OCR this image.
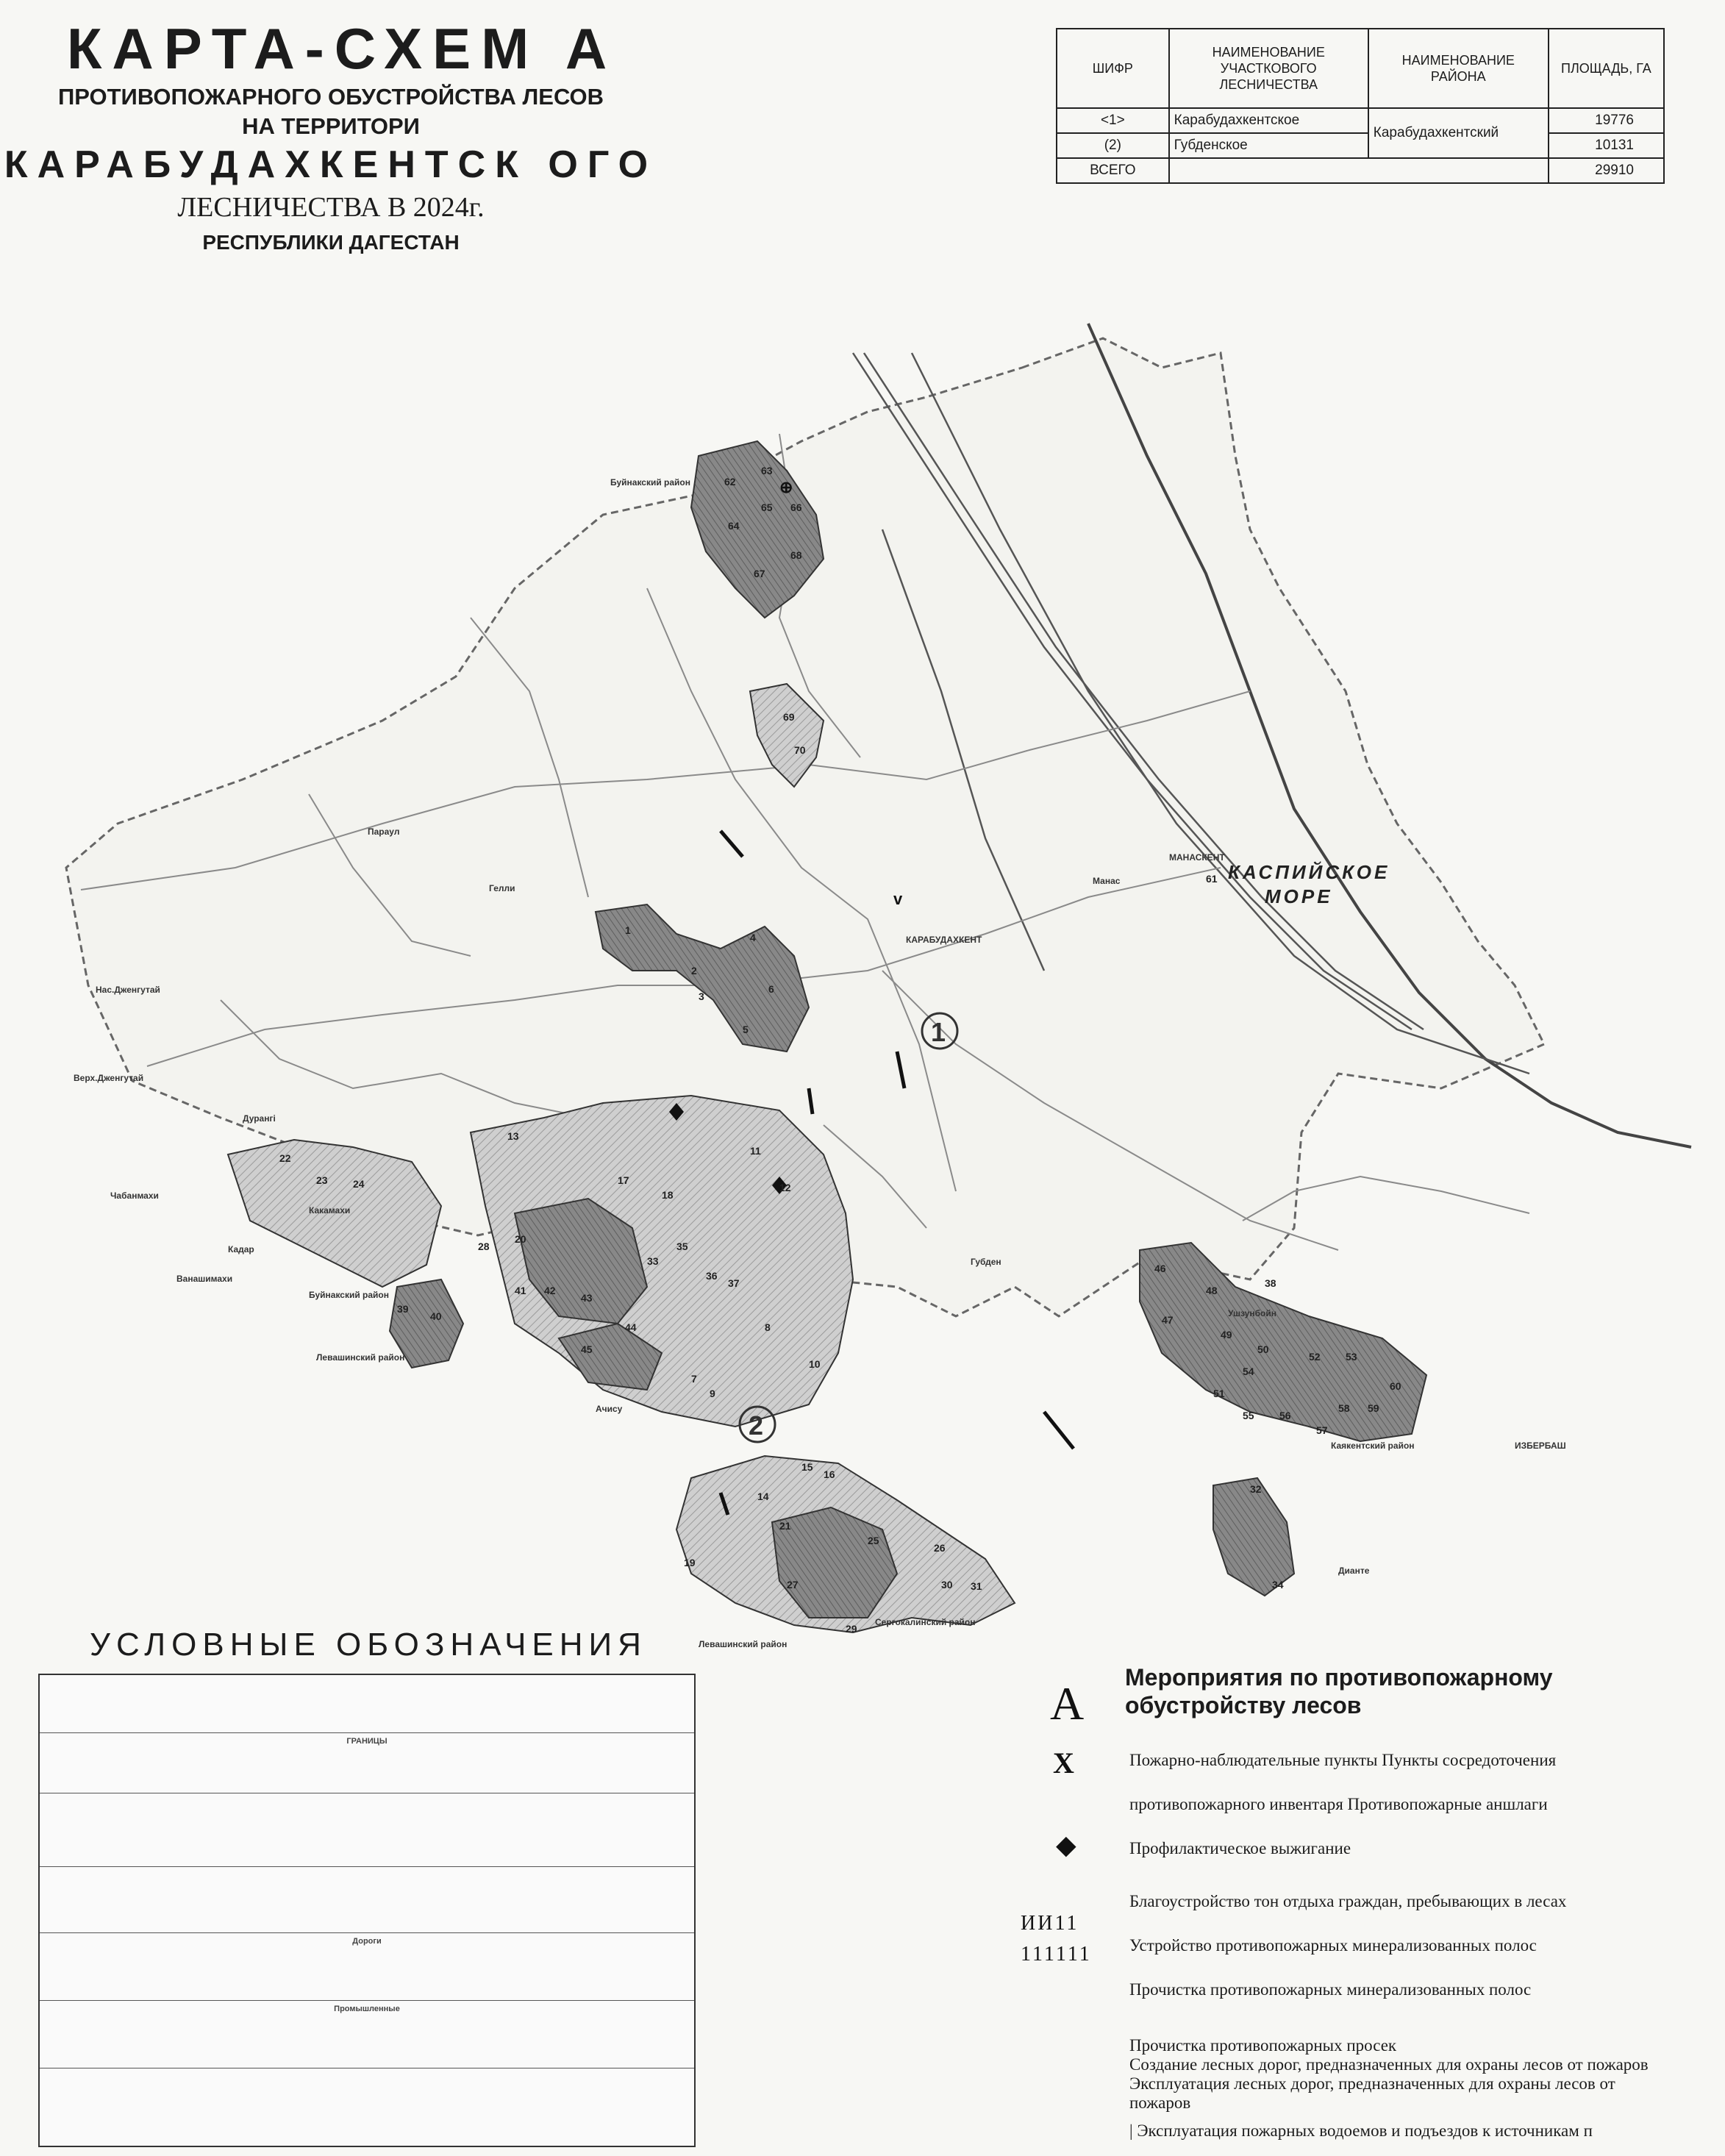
КАРТА-СХЕМ А
ПРОТИВОПОЖАРНОГО ОБУСТРОЙСТВА ЛЕСОВ
НА ТЕРРИТОРИ
КАРАБУДАХКЕНТСК ОГО
ЛЕСНИЧЕСТВА В 2024г.
РЕСПУБЛИКИ ДАГЕСТАН
ШИФР	НАИМЕНОВАНИЕ УЧАСТКОВОГО ЛЕСНИЧЕСТВА	НАИМЕНОВАНИЕ РАЙОНА	ПЛОЩАДЬ, ГА
<1>	Карабудахкентское	Карабудахкентский	19776
(2)	Губденское		10131
ВСЕГО			29910
v
⊕
1
2
КАСПИЙСКОЕ
МОРЕ
КАРАБУДАХКЕНТ
Губден
Параул
Гелли
Манас
МАНАСКЕНТ
Нас.Дженгутай
Верх.Дженгутай
Дурангі
Чабанмахи
Кадар
Ванашимахи
Какамахи
Ачису
Буйнакский район
Буйнакский район
Левашинский район
Левашинский район
Сергокалинский район
Каякентский район
Ушзунбойн
ИЗБЕРБАШ
Дианте
62
63
64
65 66
67
68
69
70
1
2
3
4
5
6
7
8
9
10
11
12
13
14
15
16
17
18
19
20
21
22
23 24
25
26
27
28
29
30 31
32
33
34
35
36
37	38
39
40
41 42
43
44
45
46
47
48
49
50
51
52 53
54
55 56
57
58 59
60
61
УСЛОВНЫЕ ОБОЗНАЧЕНИЯ
ГРАНИЦЫ
Дороги
Промышленные
Мероприятия по противопожарному обустройству лесов
A
X
◆
ИИ11
111111
Пожарно-наблюдательные пункты Пункты сосредоточения
противопожарного инвентаря Противопожарные аншлаги
Профилактическое выжигание
Благоустройство тон отдыха граждан, пребывающих в лесах
Устройство противопожарных минерализованных полос
Прочистка противопожарных минерализованных полос
Прочистка противопожарных просек
Создание лесных дорог, предназначенных для охраны лесов от пожаров
Эксплуатация лесных дорог, предназначенных для охраны лесов от
пожаров
| Эксплуатация пожарных водоемов и подъездов к источникам п
